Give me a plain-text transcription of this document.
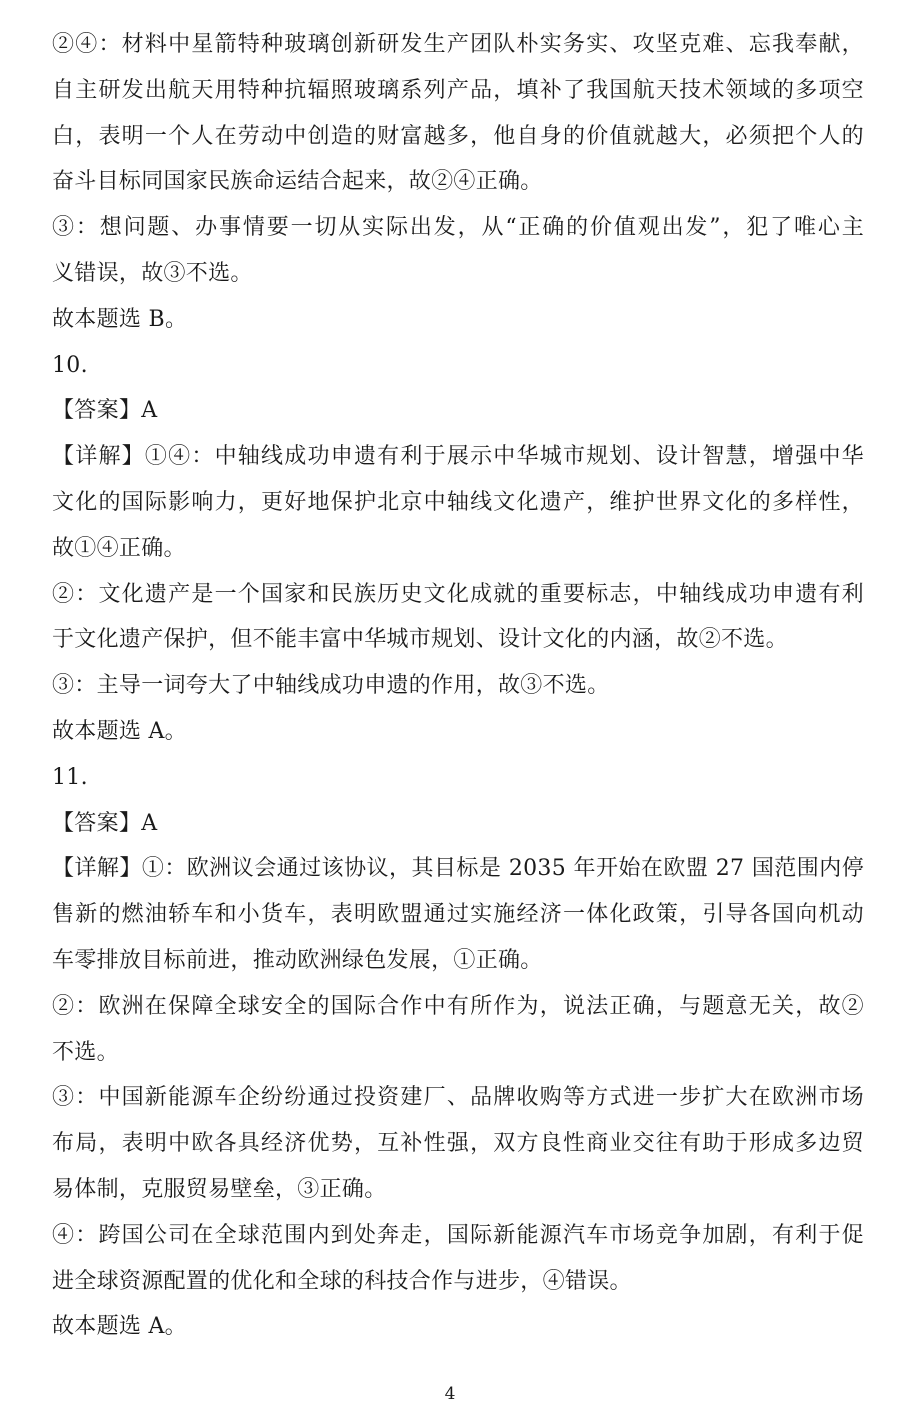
②④：材料中星箭特种玻璃创新研发生产团队朴实务实、攻坚克难、忘我奉献，
自主研发出航天用特种抗辐照玻璃系列产品，填补了我国航天技术领域的多项空
白，表明一个人在劳动中创造的财富越多，他自身的价值就越大，必须把个人的
奋斗目标同国家民族命运结合起来，故②④正确。
③：想问题、办事情要一切从实际出发，从“正确的价值观出发”，犯了唯心主
义错误，故③不选。
故本题选 B。
10.
【答案】A
【详解】①④：中轴线成功申遗有利于展示中华城市规划、设计智慧，增强中华
文化的国际影响力，更好地保护北京中轴线文化遗产，维护世界文化的多样性，
故①④正确。
②：文化遗产是一个国家和民族历史文化成就的重要标志，中轴线成功申遗有利
于文化遗产保护，但不能丰富中华城市规划、设计文化的内涵，故②不选。
③：主导一词夸大了中轴线成功申遗的作用，故③不选。
故本题选 A。
11.
【答案】A
【详解】①：欧洲议会通过该协议，其目标是 2035 年开始在欧盟 27 国范围内停
售新的燃油轿车和小货车，表明欧盟通过实施经济一体化政策，引导各国向机动
车零排放目标前进，推动欧洲绿色发展，①正确。
②：欧洲在保障全球安全的国际合作中有所作为，说法正确，与题意无关，故②
不选。
③：中国新能源车企纷纷通过投资建厂、品牌收购等方式进一步扩大在欧洲市场
布局，表明中欧各具经济优势，互补性强，双方良性商业交往有助于形成多边贸
易体制，克服贸易壁垒，③正确。
④：跨国公司在全球范围内到处奔走，国际新能源汽车市场竞争加剧，有利于促
进全球资源配置的优化和全球的科技合作与进步，④错误。
故本题选 A。
4
